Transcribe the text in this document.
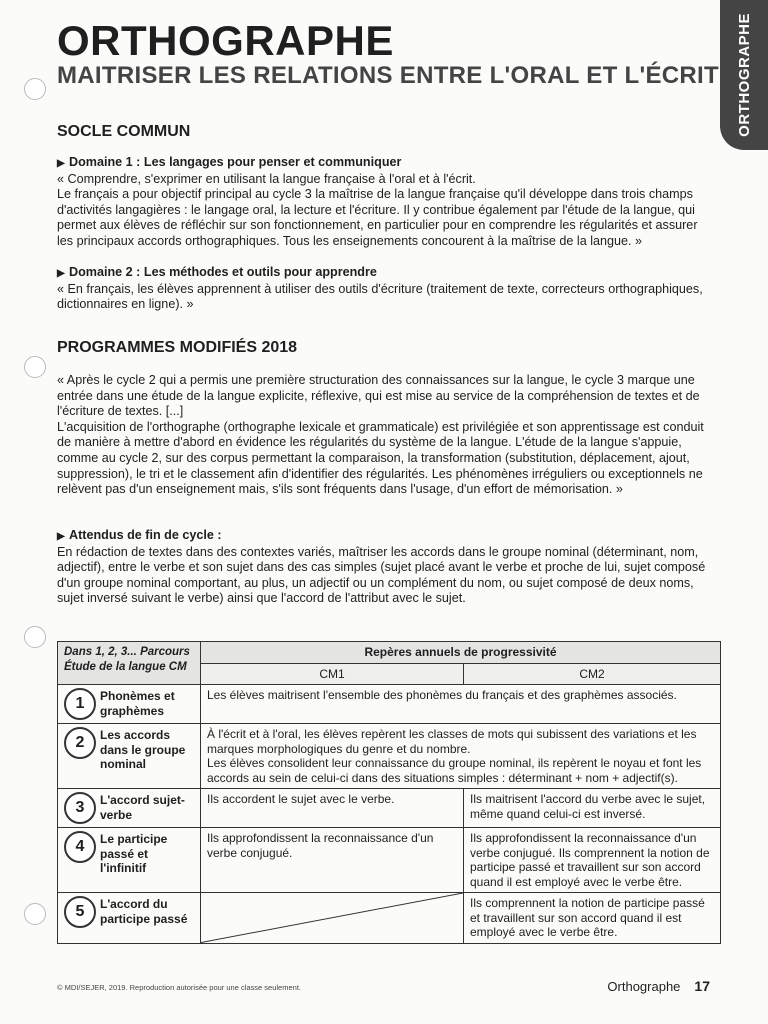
ORTHOGRAPHE
ORTHOGRAPHE
MAITRISER LES RELATIONS ENTRE L'ORAL ET L'ÉCRIT
SOCLE COMMUN

▶ Domaine 1 : Les langages pour penser et communiquer

« Comprendre, s'exprimer en utilisant la langue française à l'oral et à l'écrit.
Le français a pour objectif principal au cycle 3 la maîtrise de la langue française qu'il développe dans trois champs d'activités langagières : le langage oral, la lecture et l'écriture. Il y contribue également par l'étude de la langue, qui permet aux élèves de réfléchir sur son fonctionnement, en particulier pour en comprendre les régularités et assurer les principaux accords orthographiques. Tous les enseignements concourent à la maîtrise de la langue. »

▶ Domaine 2 : Les méthodes et outils pour apprendre

« En français, les élèves apprennent à utiliser des outils d'écriture (traitement de texte, correcteurs orthographiques, dictionnaires en ligne). »

PROGRAMMES MODIFIÉS 2018

« Après le cycle 2 qui a permis une première structuration des connaissances sur la langue, le cycle 3 marque une entrée dans une étude de la langue explicite, réflexive, qui est mise au service de la compréhension de textes et de l'écriture de textes. [...]
L'acquisition de l'orthographe (orthographe lexicale et grammaticale) est privilégiée et son apprentissage est conduit de manière à mettre d'abord en évidence les régularités du système de la langue. L'étude de la langue s'appuie, comme au cycle 2, sur des corpus permettant la comparaison, la transformation (substitution, déplacement, ajout, suppression), le tri et le classement afin d'identifier des régularités. Les phénomènes irréguliers ou exceptionnels ne relèvent pas d'un enseignement mais, s'ils sont fréquents dans l'usage, d'un effort de mémorisation. »

▶ Attendus de fin de cycle :

En rédaction de textes dans des contextes variés, maîtriser les accords dans le groupe nominal (déterminant, nom, adjectif), entre le verbe et son sujet dans des cas simples (sujet placé avant le verbe et proche de lui, sujet composé d'un groupe nominal comportant, au plus, un adjectif ou un complément du nom, ou sujet composé de deux noms, sujet inversé suivant le verbe) ainsi que l'accord de l'attribut avec le sujet.

Dans 1, 2, 3... Parcours Étude de la langue CM	Repères annuels de progressivité	
	CM1	CM2

1 Phonèmes et graphèmes	Les élèves maitrisent l'ensemble des phonèmes du français et des graphèmes associés.	

2 Les accords dans le groupe nominal	À l'écrit et à l'oral, les élèves repèrent les classes de mots qui subissent des variations et les marques morphologiques du genre et du nombre.
Les élèves consolident leur connaissance du groupe nominal, ils repèrent le noyau et font les accords au sein de celui-ci dans des situations simples : déterminant + nom + adjectif(s).	

3 L'accord sujet-verbe	Ils accordent le sujet avec le verbe.	Ils maitrisent l'accord du verbe avec le sujet, même quand celui-ci est inversé.

4 Le participe passé et l'infinitif	Ils approfondissent la reconnaissance d'un verbe conjugué.	Ils approfondissent la reconnaissance d'un verbe conjugué. Ils comprennent la notion de participe passé et travaillent sur son accord quand il est employé avec le verbe être.

5 L'accord du participe passé		Ils comprennent la notion de participe passé et travaillent sur son accord quand il est employé avec le verbe être.
© MDI/SEJER, 2019. Reproduction autorisée pour une classe seulement.	Orthographe 17
